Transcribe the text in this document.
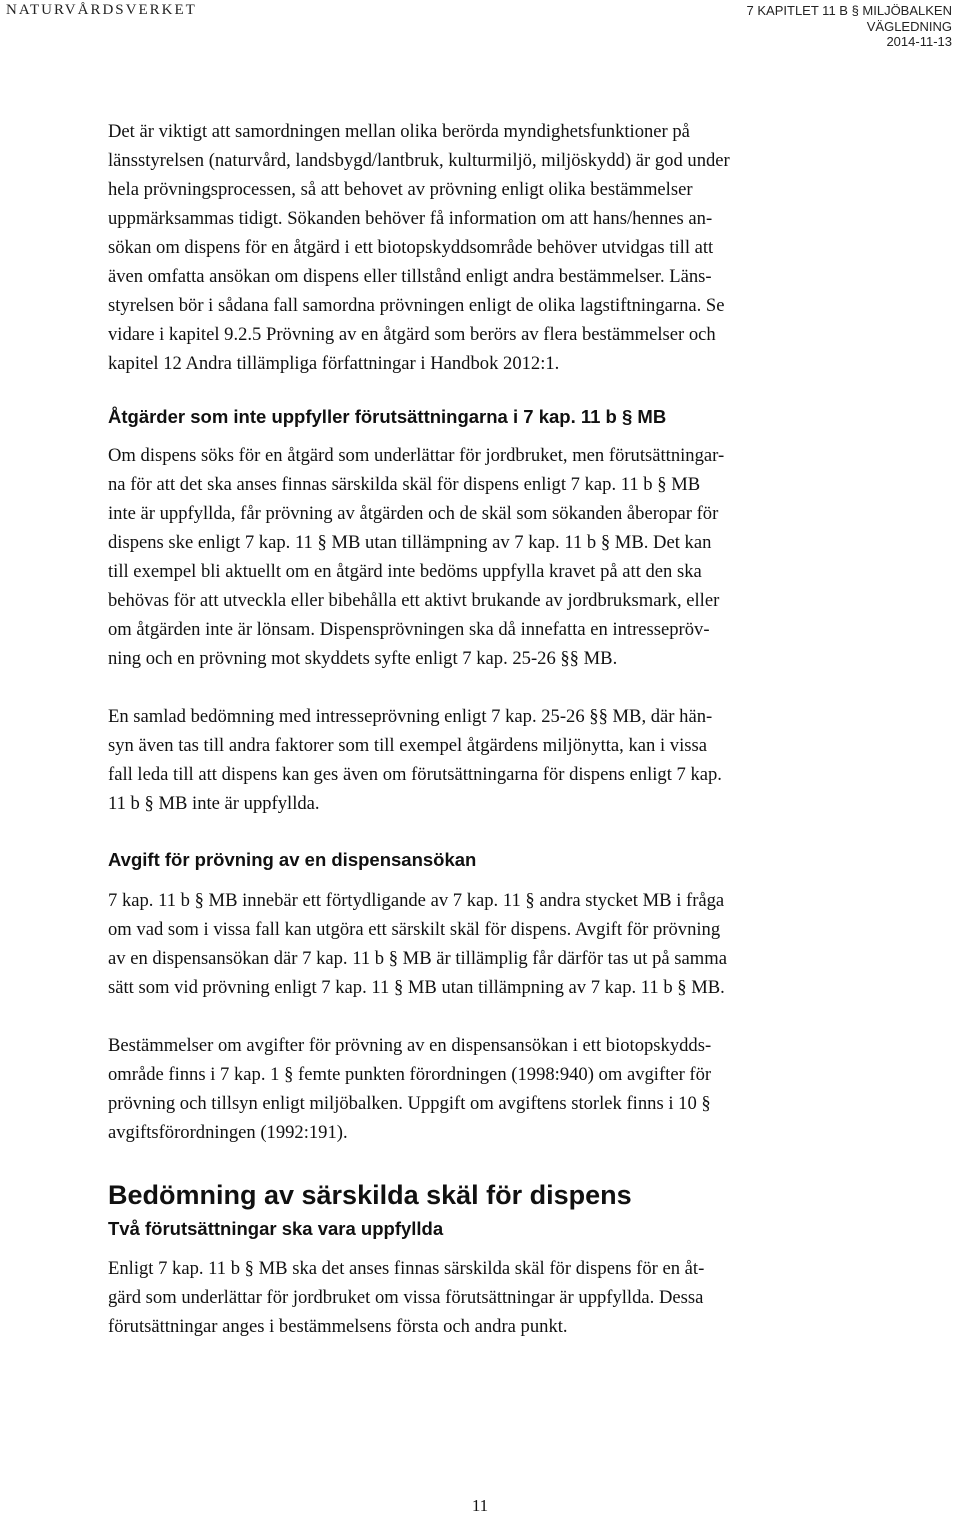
NATURVÅRDSVERKET	7 KAPITLET 11 B § MILJÖBALKEN
VÄGLEDNING
2014-11-13

Det är viktigt att samordningen mellan olika berörda myndighetsfunktioner på
länsstyrelsen (naturvård, landsbygd/lantbruk, kulturmiljö, miljöskydd) är god under
hela prövningsprocessen, så att behovet av prövning enligt olika bestämmelser
uppmärksammas tidigt. Sökanden behöver få information om att hans/hennes an-
sökan om dispens för en åtgärd i ett biotopskyddsområde behöver utvidgas till att
även omfatta ansökan om dispens eller tillstånd enligt andra bestämmelser. Läns-
styrelsen bör i sådana fall samordna prövningen enligt de olika lagstiftningarna. Se
vidare i kapitel 9.2.5 Prövning av en åtgärd som berörs av flera bestämmelser och
kapitel 12 Andra tillämpliga författningar i Handbok 2012:1.

Åtgärder som inte uppfyller förutsättningarna i 7 kap. 11 b § MB

Om dispens söks för en åtgärd som underlättar för jordbruket, men förutsättningar-
na för att det ska anses finnas särskilda skäl för dispens enligt 7 kap. 11 b § MB
inte är uppfyllda, får prövning av åtgärden och de skäl som sökanden åberopar för
dispens ske enligt 7 kap. 11 § MB utan tillämpning av 7 kap. 11 b § MB. Det kan
till exempel bli aktuellt om en åtgärd inte bedöms uppfylla kravet på att den ska
behövas för att utveckla eller bibehålla ett aktivt brukande av jordbruksmark, eller
om åtgärden inte är lönsam. Dispensprövningen ska då innefatta en intressepröv-
ning och en prövning mot skyddets syfte enligt 7 kap. 25-26 §§ MB.

En samlad bedömning med intresseprövning enligt 7 kap. 25-26 §§ MB, där hän-
syn även tas till andra faktorer som till exempel åtgärdens miljönytta, kan i vissa
fall leda till att dispens kan ges även om förutsättningarna för dispens enligt 7 kap.
11 b § MB inte är uppfyllda.

Avgift för prövning av en dispensansökan

7 kap. 11 b § MB innebär ett förtydligande av 7 kap. 11 § andra stycket MB i fråga
om vad som i vissa fall kan utgöra ett särskilt skäl för dispens. Avgift för prövning
av en dispensansökan där 7 kap. 11 b § MB är tillämplig får därför tas ut på samma
sätt som vid prövning enligt 7 kap. 11 § MB utan tillämpning av 7 kap. 11 b § MB.

Bestämmelser om avgifter för prövning av en dispensansökan i ett biotopskydds-
område finns i 7 kap. 1 § femte punkten förordningen (1998:940) om avgifter för
prövning och tillsyn enligt miljöbalken. Uppgift om avgiftens storlek finns i 10 §
avgiftsförordningen (1992:191).

Bedömning av särskilda skäl för dispens
Två förutsättningar ska vara uppfyllda

Enligt 7 kap. 11 b § MB ska det anses finnas särskilda skäl för dispens för en åt-
gärd som underlättar för jordbruket om vissa förutsättningar är uppfyllda. Dessa
förutsättningar anges i bestämmelsens första och andra punkt.

11
